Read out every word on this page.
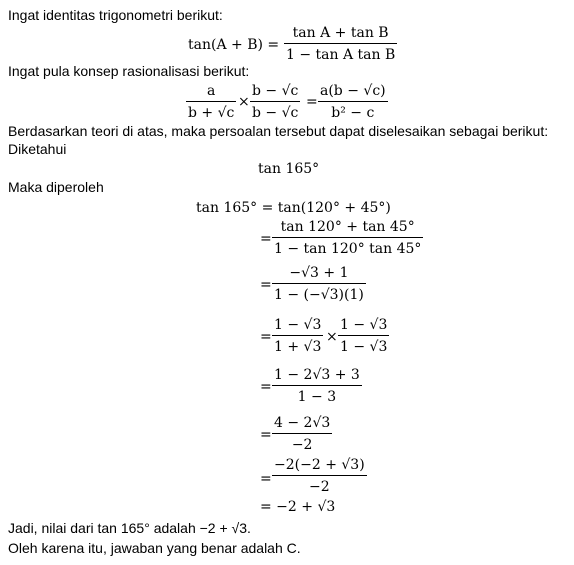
Ingat identitas trigonometri berikut:
tan(A + B) =
tan A + tan B
1 − tan A tan B
Ingat pula konsep rasionalisasi berikut:
a
b + √c
×
b − √c
b − √c
=
a(b − √c)
b² − c
Berdasarkan teori di atas, maka persoalan tersebut dapat diselesaikan sebagai berikut:
Diketahui
tan 165°
Maka diperoleh
tan 165° = tan(120° + 45°)
=
tan 120° + tan 45°
1 − tan 120° tan 45°
=
−√3 + 1
1 − (−√3)(1)
=
1 − √3
1 + √3
×
1 − √3
1 − √3
=
1 − 2√3 + 3
1 − 3
=
4 − 2√3
−2
=
−2(−2 + √3)
−2
= −2 + √3
Jadi, nilai dari tan 165° adalah −2 + √3.
Oleh karena itu, jawaban yang benar adalah C.
